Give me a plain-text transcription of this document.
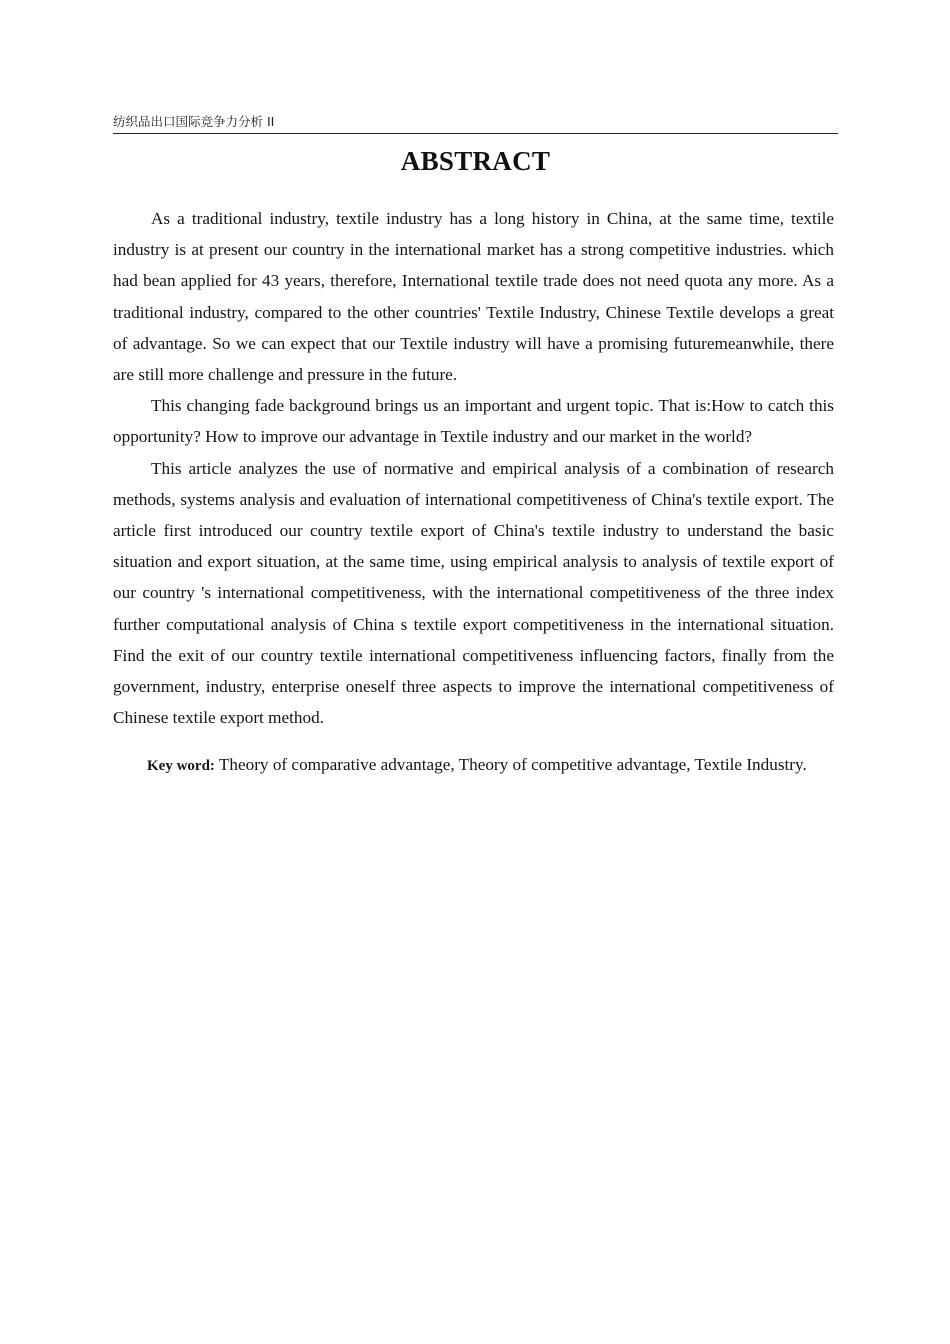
纺织品出口国际竞争力分析 II
ABSTRACT

As a traditional industry, textile industry has a long history in China, at the same time, textile industry is at present our country in the international market has a strong competitive industries. which had bean applied for 43 years, therefore, International textile trade does not need quota any more. As a traditional industry, compared to the other countries' Textile Industry, Chinese Textile develops a great of advantage. So we can expect that our Textile industry will have a promising futuremeanwhile, there are still more challenge and pressure in the future.

This changing fade background brings us an important and urgent topic. That is:How to catch this opportunity? How to improve our advantage in Textile industry and our market in the world?

This article analyzes the use of normative and empirical analysis of a combination of research methods, systems analysis and evaluation of international competitiveness of China's textile export. The article first introduced our country textile export of China's textile industry to understand the basic situation and export situation, at the same time, using empirical analysis to analysis of textile export of our country 's international competitiveness, with the international competitiveness of the three index further computational analysis of China s textile export competitiveness in the international situation. Find the exit of our country textile international competitiveness influencing factors, finally from the government, industry, enterprise oneself three aspects to improve the international competitiveness of Chinese textile export method.

Key word: Theory of comparative advantage, Theory of competitive advantage, Textile Industry.
